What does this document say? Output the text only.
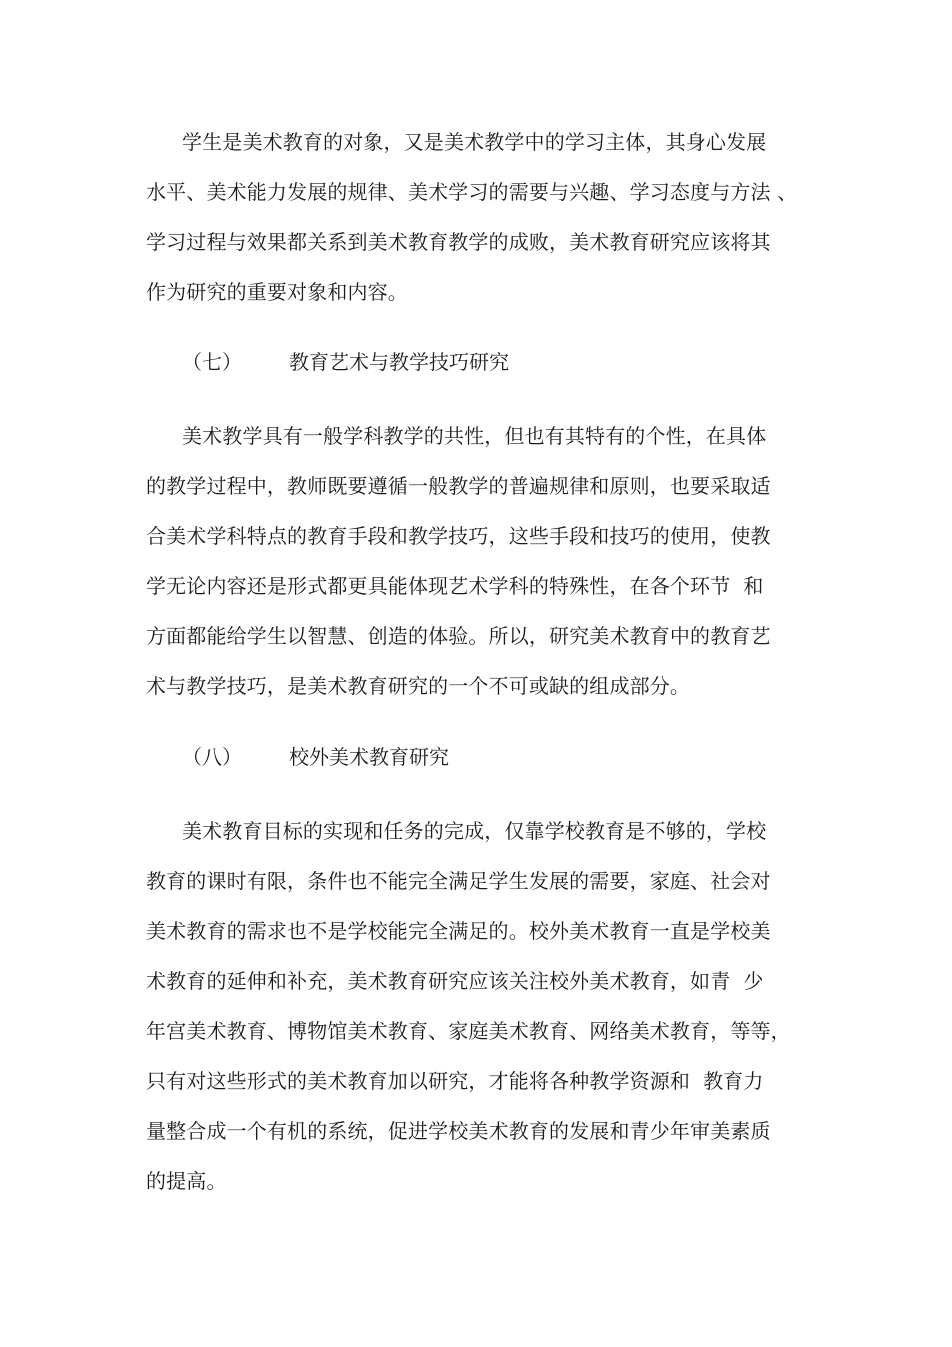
学生是美术教育的对象，又是美术教学中的学习主体，其身心发展
水平、美术能力发展的规律、美术学习的需要与兴趣、学习态度与方法 、
学习过程与效果都关系到美术教育教学的成败，美术教育研究应该将其
作为研究的重要对象和内容。
（七） 教育艺术与教学技巧研究
美术教学具有一般学科教学的共性，但也有其特有的个性，在具体
的教学过程中，教师既要遵循一般教学的普遍规律和原则，也要采取适
合美术学科特点的教育手段和教学技巧，这些手段和技巧的使用，使教
学无论内容还是形式都更具能体现艺术学科的特殊性，在各个环节  和
方面都能给学生以智慧、创造的体验。所以，研究美术教育中的教育艺
术与教学技巧，是美术教育研究的一个不可或缺的组成部分。
（八） 校外美术教育研究
美术教育目标的实现和任务的完成，仅靠学校教育是不够的，学校
教育的课时有限，条件也不能完全满足学生发展的需要，家庭、社会对
美术教育的需求也不是学校能完全满足的。校外美术教育一直是学校美
术教育的延伸和补充，美术教育研究应该关注校外美术教育，如青  少
年宫美术教育、博物馆美术教育、家庭美术教育、网络美术教育，等等，
只有对这些形式的美术教育加以研究，才能将各种教学资源和  教育力
量整合成一个有机的系统，促进学校美术教育的发展和青少年审美素质
的提高。
